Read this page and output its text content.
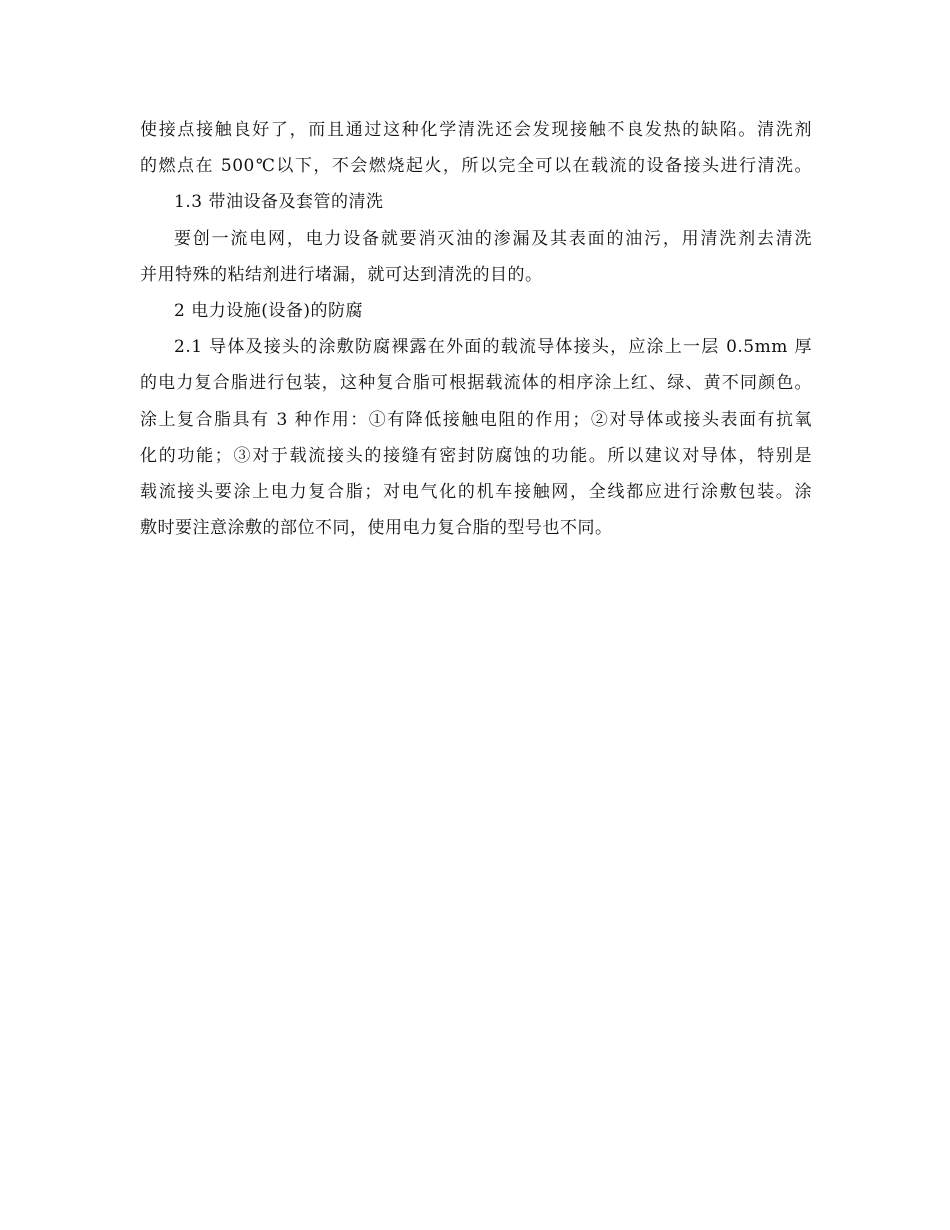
使接点接触良好了，而且通过这种化学清洗还会发现接触不良发热的缺陷。清洗剂
的燃点在 500℃以下，不会燃烧起火，所以完全可以在载流的设备接头进行清洗。
1.3 带油设备及套管的清洗
要创一流电网，电力设备就要消灭油的渗漏及其表面的油污，用清洗剂去清洗
并用特殊的粘结剂进行堵漏，就可达到清洗的目的。
2 电力设施(设备)的防腐
2.1 导体及接头的涂敷防腐裸露在外面的载流导体接头，应涂上一层 0.5mm 厚
的电力复合脂进行包装，这种复合脂可根据载流体的相序涂上红、绿、黄不同颜色。
涂上复合脂具有 3 种作用：①有降低接触电阻的作用；②对导体或接头表面有抗氧
化的功能；③对于载流接头的接缝有密封防腐蚀的功能。所以建议对导体，特别是
载流接头要涂上电力复合脂；对电气化的机车接触网，全线都应进行涂敷包装。涂
敷时要注意涂敷的部位不同，使用电力复合脂的型号也不同。
